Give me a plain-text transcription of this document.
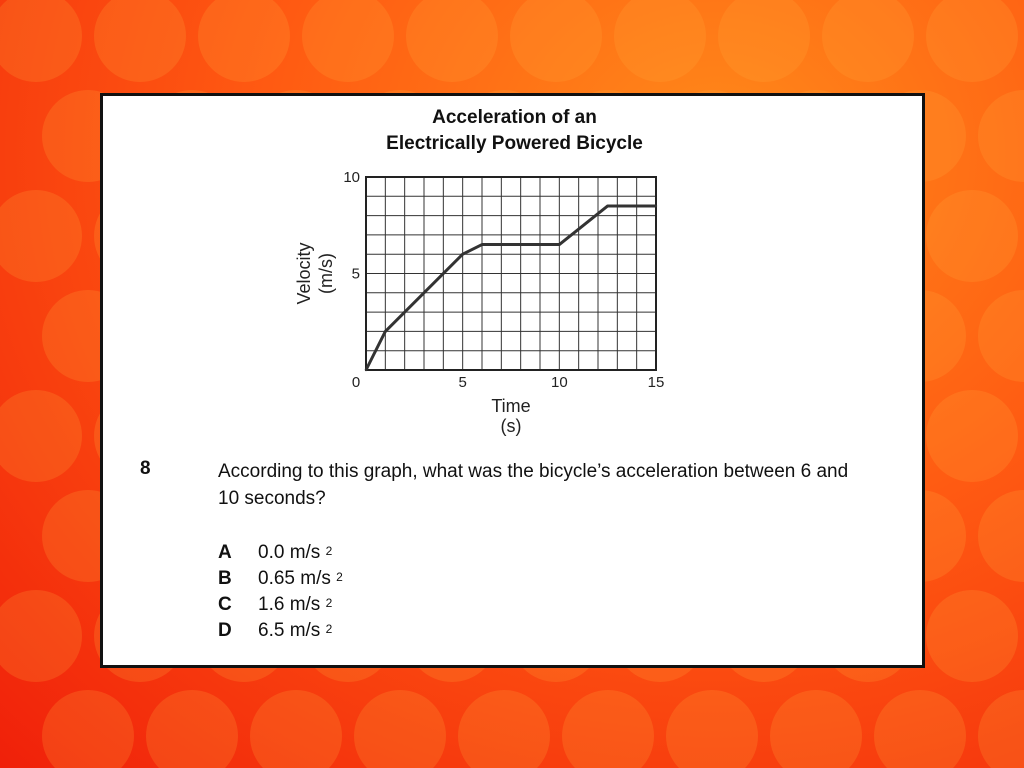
Acceleration of an
Electrically Powered Bicycle
5	10	15
5
10
0
Time
(s)
Velocity (m/s)
8	According to this graph, what was the bicycle’s acceleration between 6 and 10 seconds?

A 0.0 m/s $^2$
B 0.65 m/s $^2$
C 1.6 m/s $^2$
D 6.5 m/s $^2$
